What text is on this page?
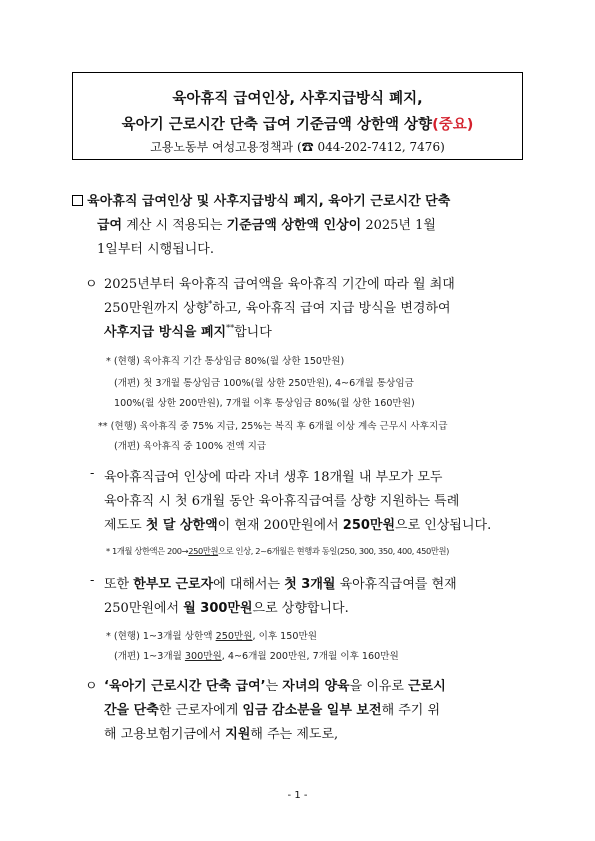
육아휴직 급여인상, 사후지급방식 폐지,
육아기 근로시간 단축 급여 기준금액 상한액 상향(중요)
고용노동부 여성고용정책과 (☎ 044-202-7412, 7476)
육아휴직 급여인상 및 사후지급방식 폐지, 육아기 근로시간 단축
급여 계산 시 적용되는 기준금액 상한액 인상이 2025년 1월
1일부터 시행됩니다.
ㅇ 2025년부터 육아휴직 급여액을 육아휴직 기간에 따라 월 최대
250만원까지 상향*하고, 육아휴직 급여 지급 방식을 변경하여
사후지급 방식을 폐지**합니다
* (현행) 육아휴직 기간 통상임금 80%(월 상한 150만원)
(개편) 첫 3개월 통상임금 100%(월 상한 250만원), 4~6개월 통상임금
100%(월 상한 200만원), 7개월 이후 통상임금 80%(월 상한 160만원)
** (현행) 육아휴직 중 75% 지급, 25%는 복직 후 6개월 이상 계속 근무시 사후지급
(개편) 육아휴직 중 100% 전액 지급
- 육아휴직급여 인상에 따라 자녀 생후 18개월 내 부모가 모두
육아휴직 시 첫 6개월 동안 육아휴직급여를 상향 지원하는 특례
제도도 첫 달 상한액이 현재 200만원에서 250만원으로 인상됩니다.
* 1개월 상한액은 200→250만원으로 인상, 2~6개월은 현행과 동일(250, 300, 350, 400, 450만원)
- 또한 한부모 근로자에 대해서는 첫 3개월 육아휴직급여를 현재
250만원에서 월 300만원으로 상향합니다.
* (현행) 1~3개월 상한액 250만원, 이후 150만원
(개편) 1~3개월 300만원, 4~6개월 200만원, 7개월 이후 160만원
ㅇ ‘육아기 근로시간 단축 급여’는 자녀의 양육을 이유로 근로시
간을 단축한 근로자에게 임금 감소분을 일부 보전해 주기 위
해 고용보험기금에서 지원해 주는 제도로,
- 1 -
